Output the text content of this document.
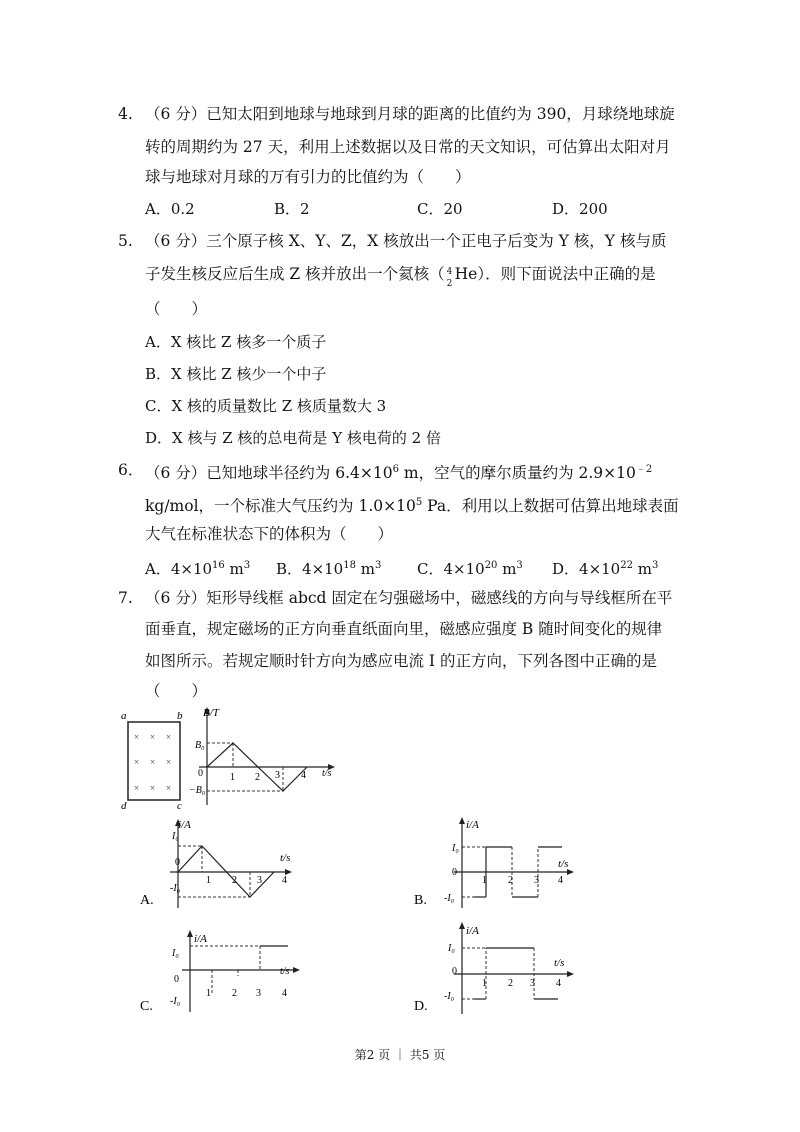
4. （6 分）已知太阳到地球与地球到月球的距离的比值约为 390，月球绕地球旋
转的周期约为 27 天，利用上述数据以及日常的天文知识，可估算出太阳对月
球与地球对月球的万有引力的比值约为（　　）
A．0.2	B．2	C．20	D．200
5. （6 分）三个原子核 X、Y、Z，X 核放出一个正电子后变为 Y 核，Y 核与质
子发生核反应后生成 Z 核并放出一个氦核（ 4
2
He）．则下面说法中正确的是
（　　）
A．X 核比 Z 核多一个质子
B．X 核比 Z 核少一个中子
C．X 核的质量数比 Z 核质量数大 3
D．X 核与 Z 核的总电荷是 Y 核电荷的 2 倍
6． （6 分）已知地球半径约为 $6.4\times 10^6$ m，空气的摩尔质量约为 $2.9\times 10^{﹣2}$
kg/mol，一个标准大气压约为 $1.0\times 10^5$ Pa．利用以上数据可估算出地球表面
大气在标准状态下的体积为（　　）
A．$4\times 10^{16}$ $m^3$ B．$4\times 10^{18}$ $m^3$ C．$4\times 10^{20}$ $m^3$ D．$4\times 10^{22}$ $m^3$
7. （6 分）矩形导线框 abcd 固定在匀强磁场中，磁感线的方向与导线框所在平
面垂直，规定磁场的正方向垂直纸面向里，磁感应强度 B 随时间变化的规律
如图所示。若规定顺时针方向为感应电流 I 的正方向，下列各图中正确的是
（　　）
a	b
c
d
× × ×
× × ×
× × ×
B/T
t/s
B₀
−B₀
0	1 2 3 4
A.
i/A
t/s
I₀
0
-I₀
1 2 3 4
B.
i/A
t/s
I₀
0
-I₀
1 2 3 4
C.
i/A
t/s
I₀
0
-I₀
1 2 3 4
D.
i/A
t/s
I₀
0
-I₀
1 2 3 4
第2 页 ｜ 共5 页
